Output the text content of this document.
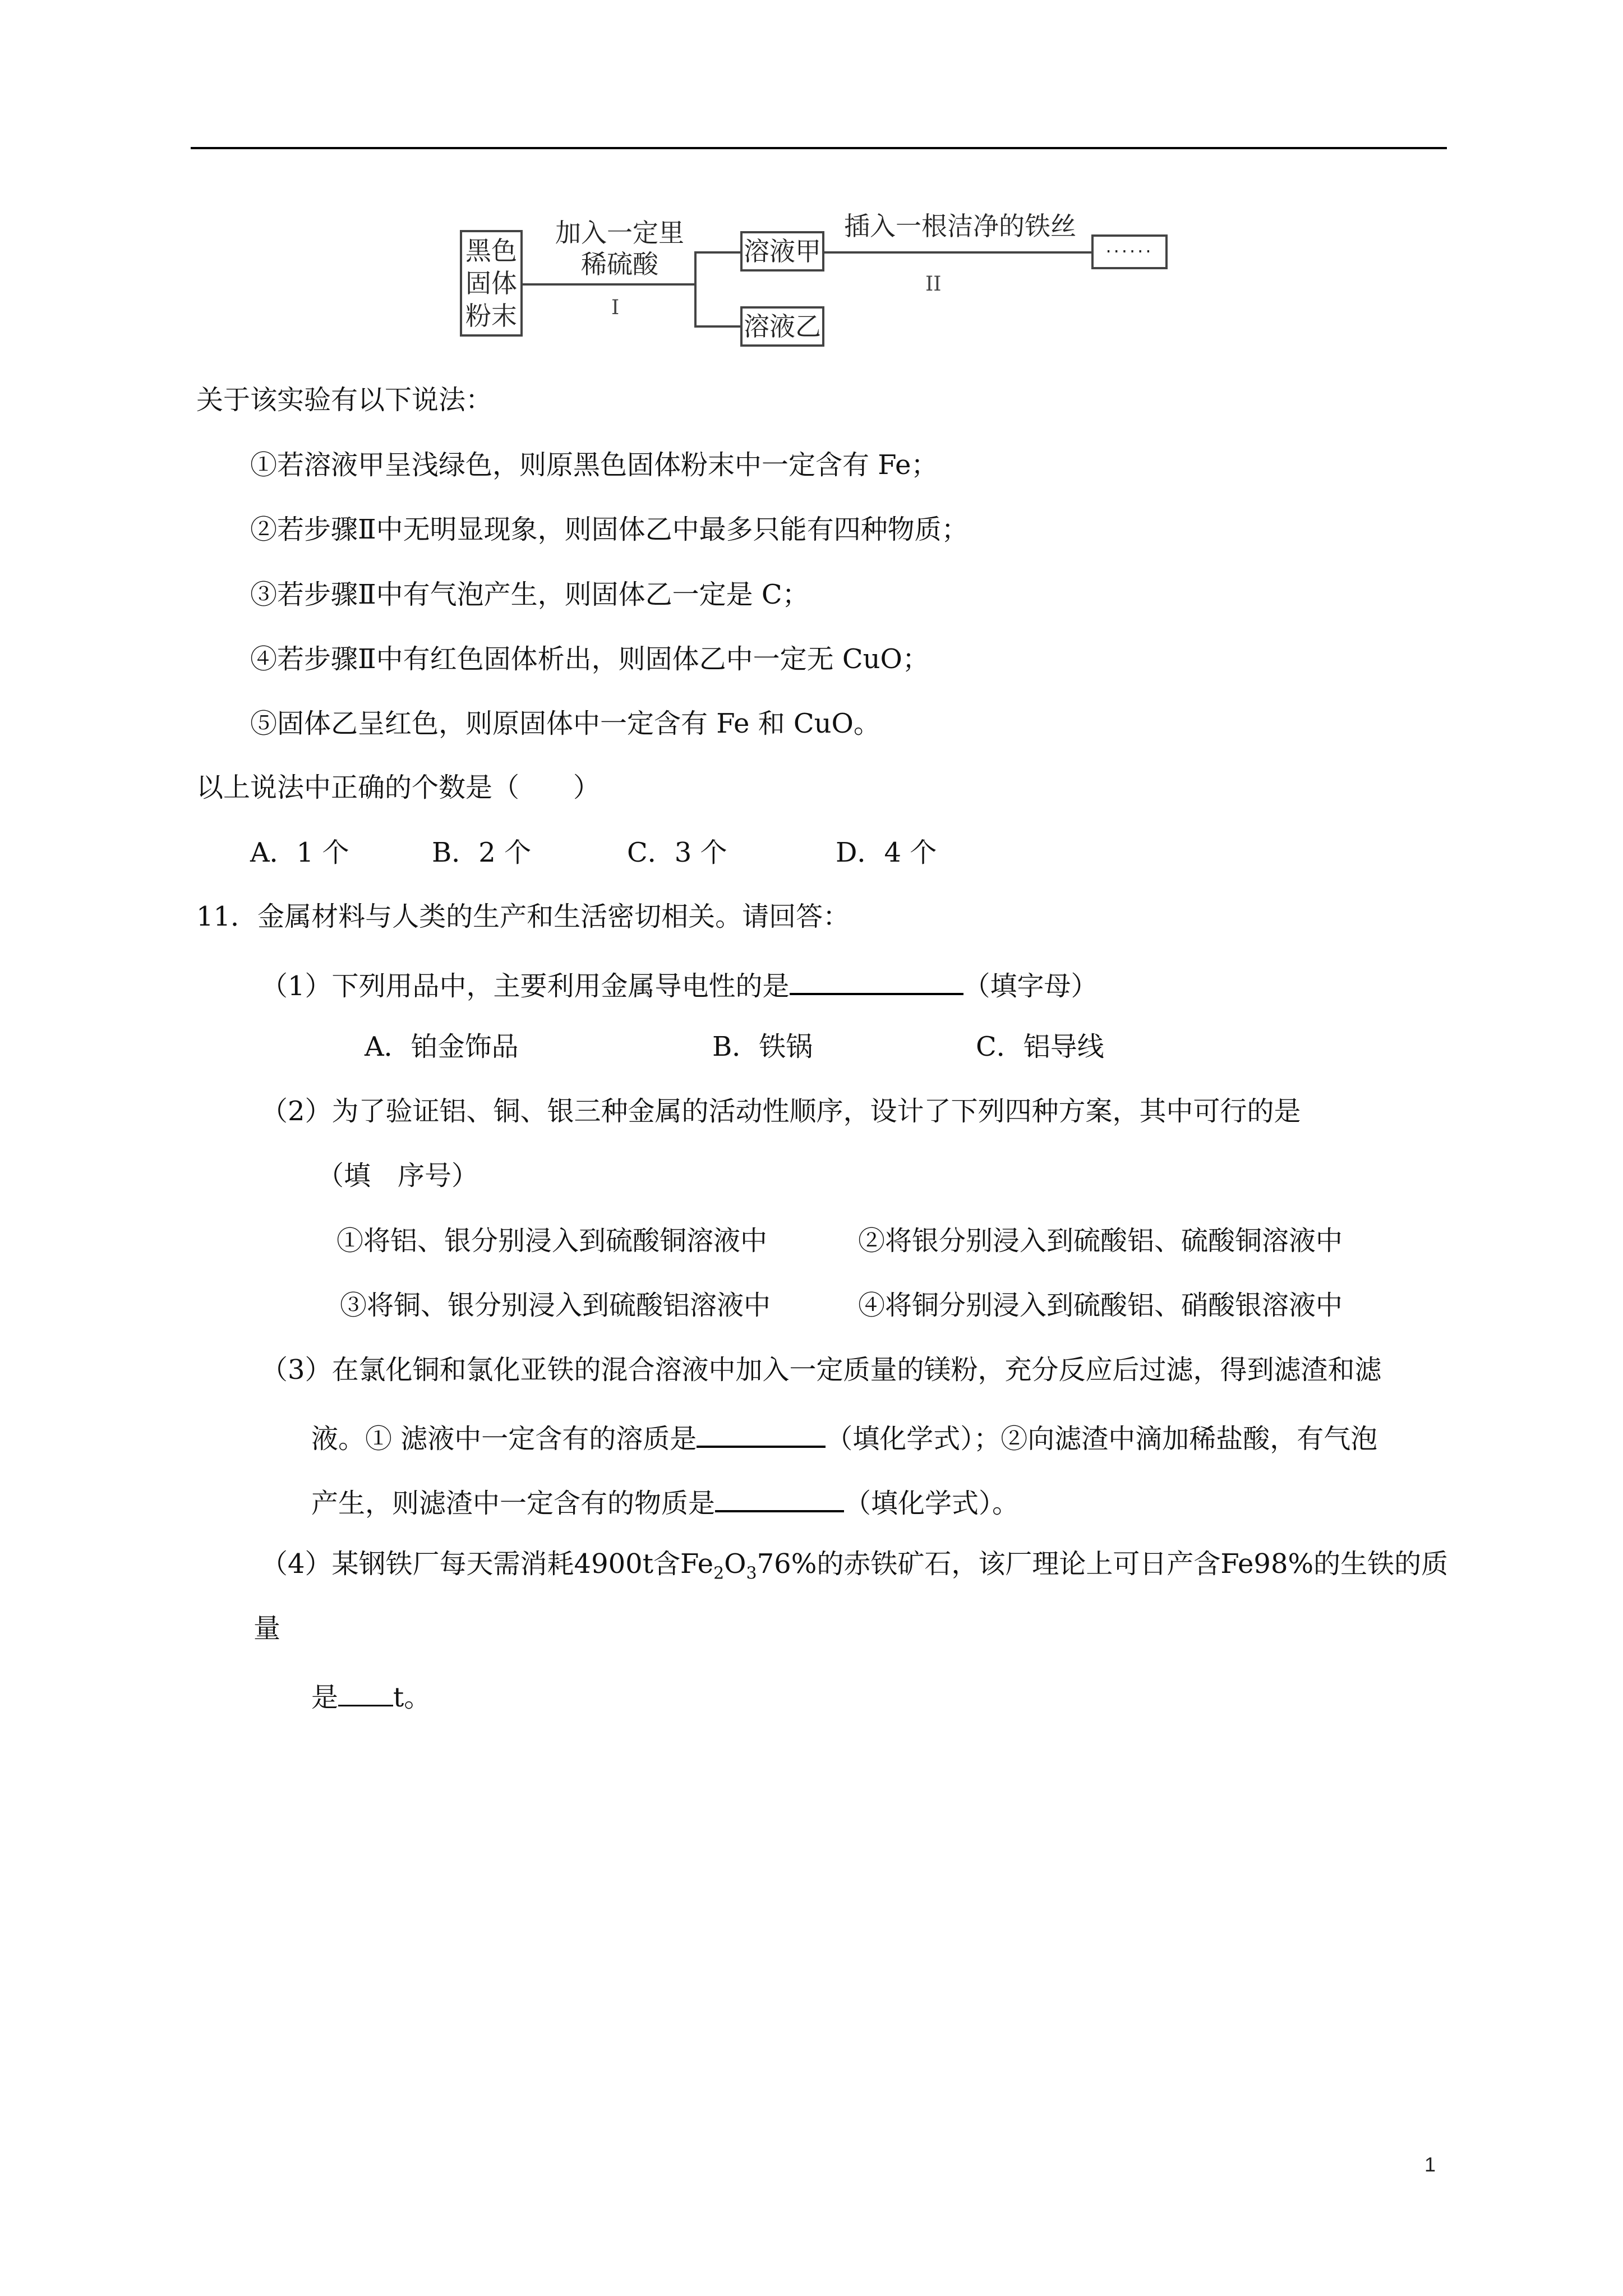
黑色
固体
粉末
加入一定里
稀硫酸
I
溶液甲
溶液乙
插入一根洁净的铁丝
II
······
关于该实验有以下说法：
①若溶液甲呈浅绿色，则原黑色固体粉末中一定含有 Fe；
②若步骤Ⅱ中无明显现象，则固体乙中最多只能有四种物质；
③若步骤Ⅱ中有气泡产生，则固体乙一定是 C；
④若步骤Ⅱ中有红色固体析出，则固体乙中一定无 CuO；
⑤固体乙呈红色，则原固体中一定含有 Fe 和 CuO。
以上说法中正确的个数是（　　）
A．1 个	B．2 个	C．3 个	D．4 个
11．金属材料与人类的生产和生活密切相关。请回答：
（1）下列用品中，主要利用金属导电性的是	（填字母）
A．铂金饰品	B．铁锅	C．铝导线
（2）为了验证铝、铜、银三种金属的活动性顺序，设计了下列四种方案，其中可行的是
（填　序号）
①将铝、银分别浸入到硫酸铜溶液中	②将银分别浸入到硫酸铝、硫酸铜溶液中
③将铜、银分别浸入到硫酸铝溶液中	④将铜分别浸入到硫酸铝、硝酸银溶液中
（3）在氯化铜和氯化亚铁的混合溶液中加入一定质量的镁粉，充分反应后过滤，得到滤渣和滤
液。① 滤液中一定含有的溶质是	（填化学式）；②向滤渣中滴加稀盐酸，有气泡
产生，则滤渣中一定含有的物质是	（填化学式）。
（4）某钢铁厂每天需消耗4900t含$Fe_2O_376\%$的赤铁矿石，该厂理论上可日产含Fe98%的生铁的质
量
是 t。
1
